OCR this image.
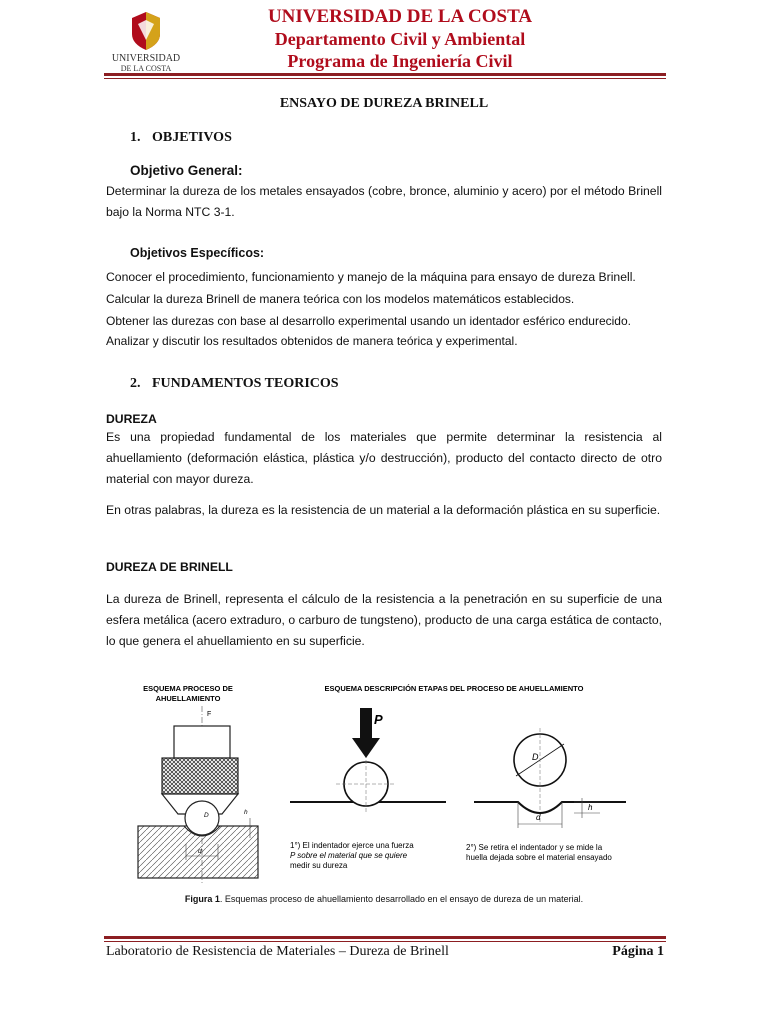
UNIVERSIDAD
DE LA COSTA
UNIVERSIDAD DE LA COSTA
Departamento Civil y Ambiental
Programa de Ingeniería Civil
ENSAYO DE DUREZA BRINELL
1. OBJETIVOS
Objetivo General:
Determinar la dureza de los metales ensayados (cobre, bronce, aluminio y acero) por el método Brinell bajo la Norma NTC 3-1.
Objetivos Específicos:
Conocer el procedimiento, funcionamiento y manejo de la máquina para ensayo de dureza Brinell.
Calcular la dureza Brinell de manera teórica con los modelos matemáticos establecidos.
Obtener las durezas con base al desarrollo experimental usando un identador esférico endurecido.
Analizar y discutir los resultados obtenidos de manera teórica y experimental.
2. FUNDAMENTOS TEORICOS
DUREZA
Es una propiedad fundamental de los materiales que permite determinar la resistencia al ahuellamiento (deformación elástica, plástica y/o destrucción), producto del contacto directo de otro material con mayor dureza.
En otras palabras, la dureza es la resistencia de un material a la deformación plástica en su superficie.
DUREZA DE BRINELL
La dureza de Brinell, representa el cálculo de la resistencia a la penetración en su superficie de una esfera metálica (acero extraduro, o carburo de tungsteno), producto de una carga estática de contacto, lo que genera el ahuellamiento en su superficie.
ESQUEMA PROCESO DE
AHUELLAMIENTO
F
D
d
h
ESQUEMA DESCRIPCIÓN ETAPAS DEL PROCESO DE AHUELLAMIENTO
P
1°) El indentador ejerce una fuerza
P sobre el material que se quiere
medir su dureza
D
d
h
2°) Se retira el indentador y se mide la
huella dejada sobre el material ensayado
Figura 1. Esquemas proceso de ahuellamiento desarrollado en el ensayo de dureza de un material.
Laboratorio de Resistencia de Materiales – Dureza de Brinell	Página 1
